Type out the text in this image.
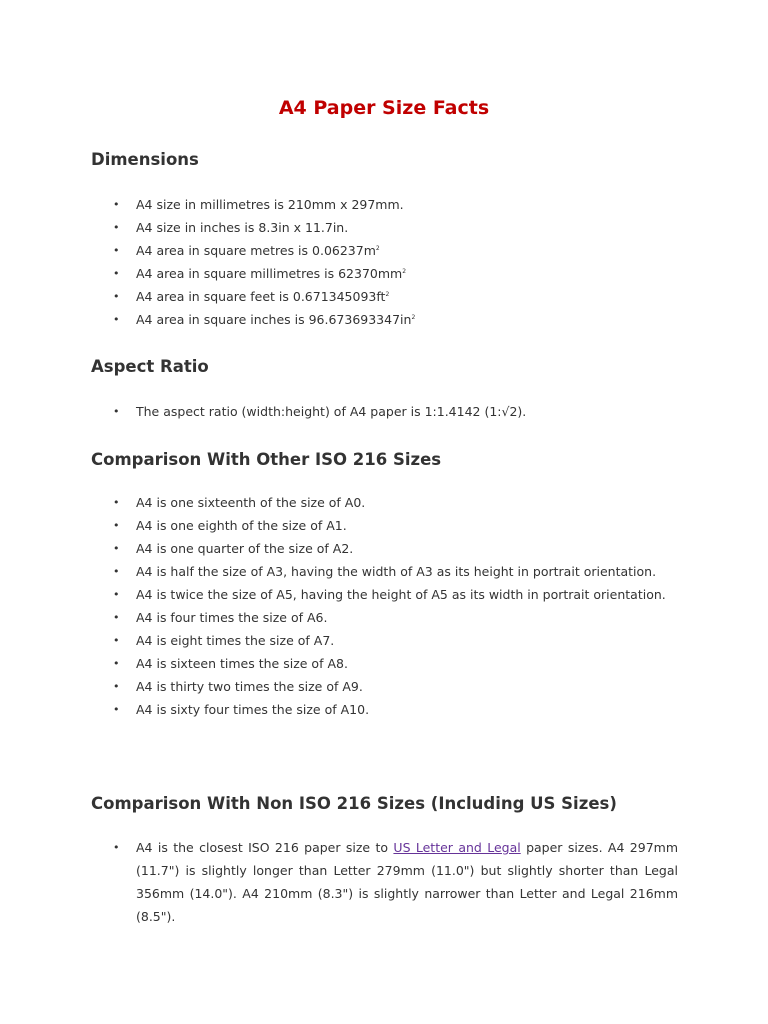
A4 Paper Size Facts
Dimensions
• A4 size in millimetres is 210mm x 297mm.
• A4 size in inches is 8.3in x 11.7in.
• A4 area in square metres is $0.06237m^2$
• A4 area in square millimetres is $62370mm^2$
• A4 area in square feet is $0.671345093ft^2$
• A4 area in square inches is $96.673693347in^2$
Aspect Ratio
• The aspect ratio (width:height) of A4 paper is 1:1.4142 (1:√2).
Comparison With Other ISO 216 Sizes
• A4 is one sixteenth of the size of A0.
• A4 is one eighth of the size of A1.
• A4 is one quarter of the size of A2.
• A4 is half the size of A3, having the width of A3 as its height in portrait orientation.
• A4 is twice the size of A5, having the height of A5 as its width in portrait orientation.
• A4 is four times the size of A6.
• A4 is eight times the size of A7.
• A4 is sixteen times the size of A8.
• A4 is thirty two times the size of A9.
• A4 is sixty four times the size of A10.
Comparison With Non ISO 216 Sizes (Including US Sizes)
• A4 is the closest ISO 216 paper size to US Letter and Legal paper sizes. A4 297mm (11.7") is slightly longer than Letter 279mm (11.0") but slightly shorter than Legal 356mm (14.0"). A4 210mm (8.3") is slightly narrower than Letter and Legal 216mm (8.5").
